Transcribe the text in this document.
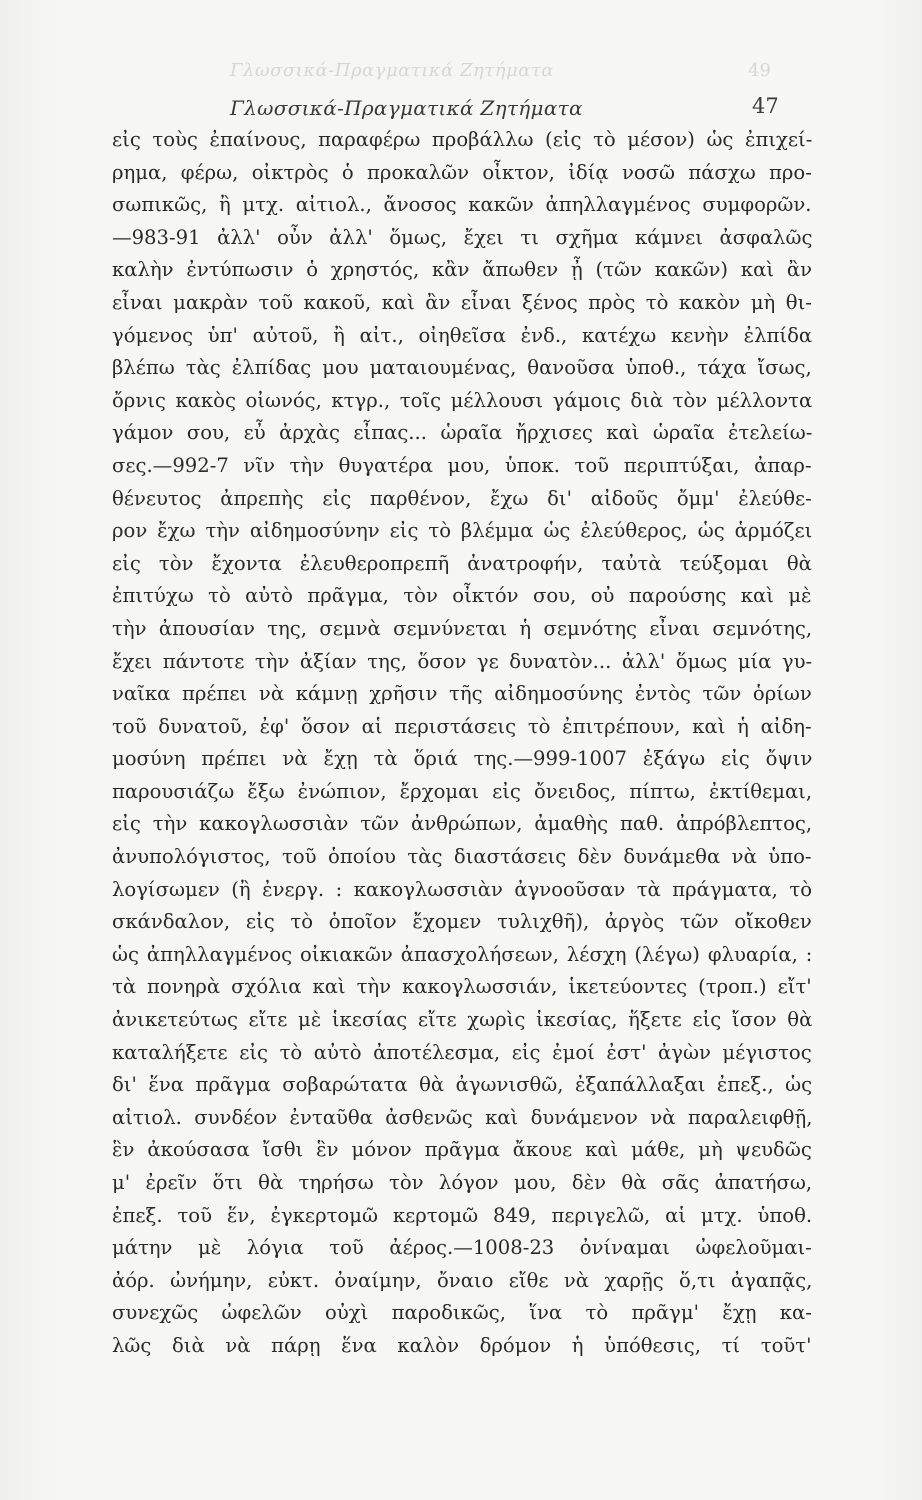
Γλωσσικά-Πραγματικά Ζητήματα	49
Γλωσσικά-Πραγματικά Ζητήματα	47
εἰς τοὺς ἐπαίνους, παραφέρω προβάλλω (εἰς τὸ μέσον) ὡς ἐπιχεί-
ρημα, φέρω, οἰκτρὸς ὁ προκαλῶν οἶκτον, ἰδίᾳ νοσῶ πάσχω προ-
σωπικῶς, ἢ μτχ. αἰτιολ., ἄνοσος κακῶν ἀπηλλαγμένος συμφορῶν.
—983-91 ἀλλ' οὖν ἀλλ' ὅμως, ἔχει τι σχῆμα κάμνει ἀσφαλῶς
καλὴν ἐντύπωσιν ὁ χρηστός, κἂν ἄπωθεν ᾖ (τῶν κακῶν) καὶ ἂν
εἶναι μακρὰν τοῦ κακοῦ, καὶ ἂν εἶναι ξένος πρὸς τὸ κακὸν μὴ θι-
γόμενος ὑπ' αὐτοῦ, ἢ αἰτ., οἰηθεῖσα ἐνδ., κατέχω κενὴν ἐλπίδα
βλέπω τὰς ἐλπίδας μου ματαιουμένας, θανοῦσα ὑποθ., τάχα ἴσως,
ὄρνις κακὸς οἰωνός, κτγρ., τοῖς μέλλουσι γάμοις διὰ τὸν μέλλοντα
γάμον σου, εὖ ἀρχὰς εἶπας... ὡραῖα ἤρχισες καὶ ὡραῖα ἐτελείω-
σες.—992-7 νῖν τὴν θυγατέρα μου, ὑποκ. τοῦ περιπτύξαι, ἀπαρ-
θένευτος ἀπρεπὴς εἰς παρθένον, ἔχω δι' αἰδοῦς ὄμμ' ἐλεύθε-
ρον ἔχω τὴν αἰδημοσύνην εἰς τὸ βλέμμα ὡς ἐλεύθερος, ὡς ἁρμόζει
εἰς τὸν ἔχοντα ἐλευθεροπρεπῆ ἀνατροφήν, ταὐτὰ τεύξομαι θὰ
ἐπιτύχω τὸ αὐτὸ πρᾶγμα, τὸν οἶκτόν σου, οὐ παρούσης καὶ μὲ
τὴν ἀπουσίαν της, σεμνὰ σεμνύνεται ἡ σεμνότης εἶναι σεμνότης,
ἔχει πάντοτε τὴν ἀξίαν της, ὅσον γε δυνατὸν... ἀλλ' ὅμως μία γυ-
ναῖκα πρέπει νὰ κάμνῃ χρῆσιν τῆς αἰδημοσύνης ἐντὸς τῶν ὁρίων
τοῦ δυνατοῦ, ἐφ' ὅσον αἱ περιστάσεις τὸ ἐπιτρέπουν, καὶ ἡ αἰδη-
μοσύνη πρέπει νὰ ἔχῃ τὰ ὅριά της.—999-1007 ἐξάγω εἰς ὄψιν
παρουσιάζω ἔξω ἐνώπιον, ἔρχομαι εἰς ὄνειδος, πίπτω, ἐκτίθεμαι,
εἰς τὴν κακογλωσσιὰν τῶν ἀνθρώπων, ἀμαθὴς παθ. ἀπρόβλεπτος,
ἀνυπολόγιστος, τοῦ ὁποίου τὰς διαστάσεις δὲν δυνάμεθα νὰ ὑπο-
λογίσωμεν (ἢ ἐνεργ. : κακογλωσσιὰν ἀγνοοῦσαν τὰ πράγματα, τὸ
σκάνδαλον, εἰς τὸ ὁποῖον ἔχομεν τυλιχθῆ), ἀργὸς τῶν οἴκοθεν
ὡς ἀπηλλαγμένος οἰκιακῶν ἀπασχολήσεων, λέσχη (λέγω) φλυαρία, :
τὰ πονηρὰ σχόλια καὶ τὴν κακογλωσσιάν, ἱκετεύοντες (τροπ.) εἴτ'
ἀνικετεύτως εἴτε μὲ ἱκεσίας εἴτε χωρὶς ἱκεσίας, ἥξετε εἰς ἴσον θὰ
καταλήξετε εἰς τὸ αὐτὸ ἀποτέλεσμα, εἰς ἐμοί ἐστ' ἀγὼν μέγιστος
δι' ἕνα πρᾶγμα σοβαρώτατα θὰ ἀγωνισθῶ, ἐξαπάλλαξαι ἐπεξ., ὡς
αἰτιολ. συνδέον ἐνταῦθα ἀσθενῶς καὶ δυνάμενον νὰ παραλειφθῇ,
ἓν ἀκούσασα ἴσθι ἓν μόνον πρᾶγμα ἄκουε καὶ μάθε, μὴ ψευδῶς
μ' ἐρεῖν ὅτι θὰ τηρήσω τὸν λόγον μου, δὲν θὰ σᾶς ἀπατήσω,
ἐπεξ. τοῦ ἕν, ἐγκερτομῶ κερτομῶ 849, περιγελῶ, αἱ μτχ. ὑποθ.
μάτην μὲ λόγια τοῦ ἀέρος.—1008-23 ὀνίναμαι ὠφελοῦμαι-
ἀόρ. ὠνήμην, εὐκτ. ὀναίμην, ὄναιο εἴθε νὰ χαρῇς ὅ,τι ἀγαπᾷς,
συνεχῶς ὠφελῶν οὐχὶ παροδικῶς, ἵνα τὸ πρᾶγμ' ἔχῃ κα-
λῶς διὰ νὰ πάρῃ ἕνα καλὸν δρόμον ἡ ὑπόθεσις, τί τοῦτ'
